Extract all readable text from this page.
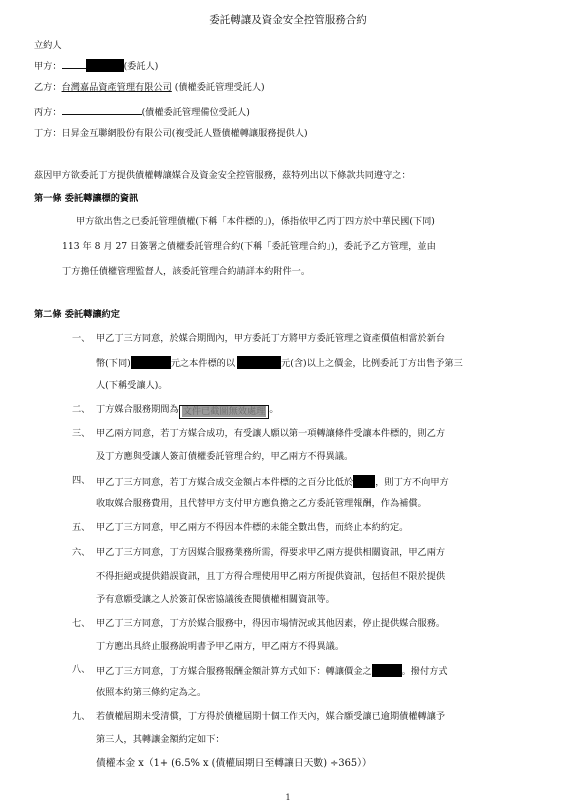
委託轉讓及資金安全控管服務合約
立約人
甲方：	(委託人)
乙方：台灣嘉品資產管理有限公司 (債權委託管理受託人)
丙方：	(債權委託管理備位受託人)
丁方：日昇金互聯網股份有限公司(複受託人暨債權轉讓服務提供人)
茲因甲方欲委託丁方提供債權轉讓媒合及資金安全控管服務，茲特列出以下條款共同遵守之：
第一條 委託轉讓標的資訊
甲方欲出售之已委託管理債權(下稱「本件標的」)，係指依甲乙丙丁四方於中華民國(下同)
113 年 8 月 27 日簽署之債權委託管理合約(下稱「委託管理合約」)，委託予乙方管理，並由
丁方擔任債權管理監督人，該委託管理合約請詳本約附件一。
第二條 委託轉讓約定
一、 甲乙丁三方同意，於媒合期間內，甲方委託丁方將甲方委託管理之資產價值相當於新台
幣(下同)	元之本件標的以	元(含)以上之價金，比例委託丁方出售予第三
人(下稱受讓人)。
二、 丁方媒合服務期間為 文件已截圖無效處理 。
三、 甲乙兩方同意，若丁方媒合成功，有受讓人願以第一項轉讓條件受讓本件標的，則乙方
及丁方應與受讓人簽訂債權委託管理合約，甲乙兩方不得異議。
四、 甲乙丁三方同意，若丁方媒合成交金額占本件標的之百分比低於 ，則丁方不向甲方
收取媒合服務費用，且代替甲方支付甲方應負擔之乙方委託管理報酬，作為補償。
五、 甲乙丁三方同意，甲乙兩方不得因本件標的未能全數出售，而終止本約約定。
六、 甲乙丁三方同意，丁方因媒合服務業務所需，得要求甲乙兩方提供相關資訊，甲乙兩方
不得拒絕或提供錯誤資訊，且丁方得合理使用甲乙兩方所提供資訊，包括但不限於提供
予有意願受讓之人於簽訂保密協議後查閱債權相關資訊等。
七、 甲乙丁三方同意，丁方於媒合服務中，得因市場情況或其他因素，停止提供媒合服務。
丁方應出具終止服務說明書予甲乙兩方，甲乙兩方不得異議。
八、 甲乙丁三方同意，丁方媒合服務報酬金額計算方式如下：轉讓價金之	。撥付方式
依照本約第三條約定為之。
九、 若債權屆期未受清償，丁方得於債權屆期十個工作天內，媒合願受讓已逾期債權轉讓予
第三人，其轉讓金額約定如下：
債權本金 x（1+ (6.5% x (債權屆期日至轉讓日天數) ÷365））
1
